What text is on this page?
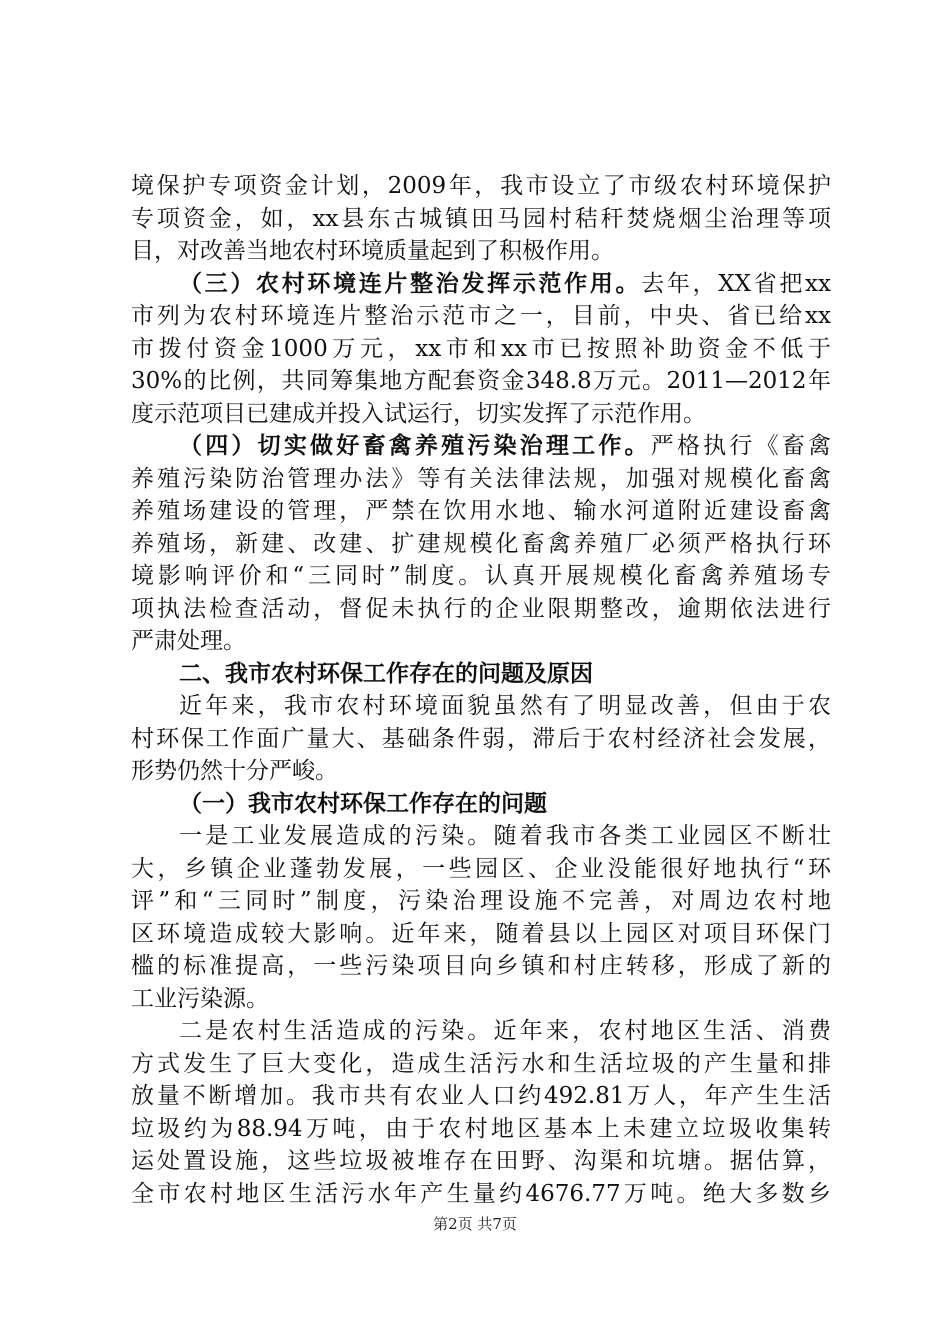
境保护专项资金计划，2009年，我市设立了市级农村环境保护
专项资金，如，xx县东古城镇田马园村秸秆焚烧烟尘治理等项
目，对改善当地农村环境质量起到了积极作用。
（三）农村环境连片整治发挥示范作用。去年，XX省把xx
市列为农村环境连片整治示范市之一，目前，中央、省已给xx
市拨付资金1000万元，xx市和xx市已按照补助资金不低于
30%的比例，共同筹集地方配套资金348.8万元。2011—2012年
度示范项目已建成并投入试运行，切实发挥了示范作用。
（四）切实做好畜禽养殖污染治理工作。严格执行《畜禽
养殖污染防治管理办法》等有关法律法规，加强对规模化畜禽
养殖场建设的管理，严禁在饮用水地、输水河道附近建设畜禽
养殖场，新建、改建、扩建规模化畜禽养殖厂必须严格执行环
境影响评价和“三同时”制度。认真开展规模化畜禽养殖场专
项执法检查活动，督促未执行的企业限期整改，逾期依法进行
严肃处理。
二、我市农村环保工作存在的问题及原因
近年来，我市农村环境面貌虽然有了明显改善，但由于农
村环保工作面广量大、基础条件弱，滞后于农村经济社会发展，
形势仍然十分严峻。
（一）我市农村环保工作存在的问题
一是工业发展造成的污染。随着我市各类工业园区不断壮
大，乡镇企业蓬勃发展，一些园区、企业没能很好地执行“环
评”和“三同时”制度，污染治理设施不完善，对周边农村地
区环境造成较大影响。近年来，随着县以上园区对项目环保门
槛的标准提高，一些污染项目向乡镇和村庄转移，形成了新的
工业污染源。
二是农村生活造成的污染。近年来，农村地区生活、消费
方式发生了巨大变化，造成生活污水和生活垃圾的产生量和排
放量不断增加。我市共有农业人口约492.81万人，年产生生活
垃圾约为88.94万吨，由于农村地区基本上未建立垃圾收集转
运处置设施，这些垃圾被堆存在田野、沟渠和坑塘。据估算，
全市农村地区生活污水年产生量约4676.77万吨。绝大多数乡
第2页 共7页
